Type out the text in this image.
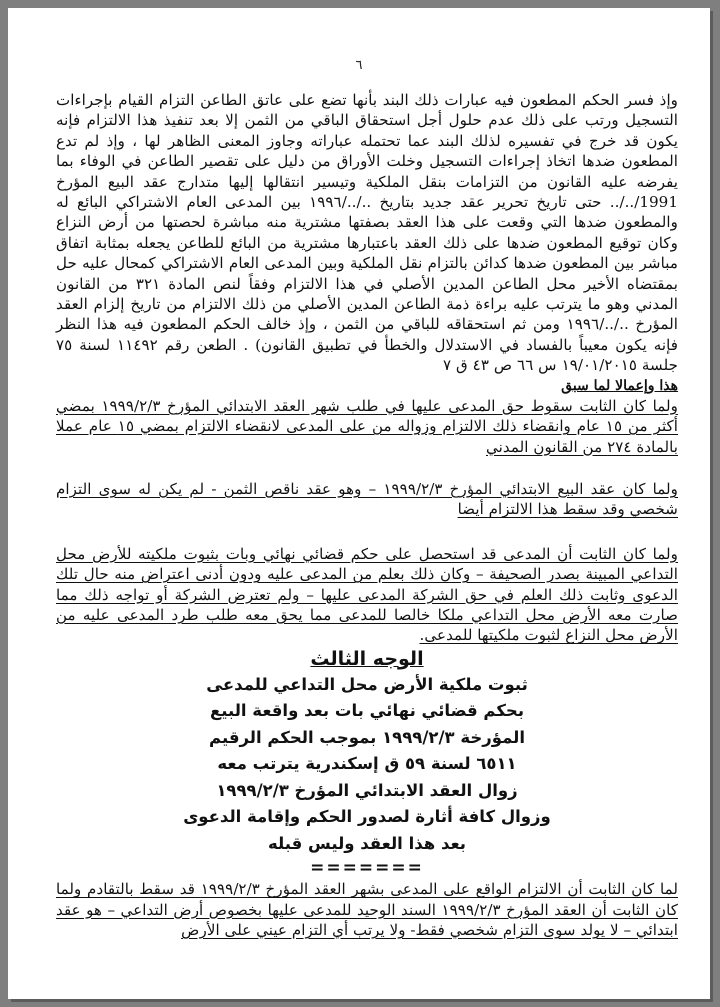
٦

وإذ فسر الحكم المطعون فيه عبارات ذلك البند بأنها تضع على عاتق الطاعن التزام القيام بإجراءات التسجيل ورتب على ذلك عدم حلول أجل استحقاق الباقي من الثمن إلا بعد تنفيذ هذا الالتزام فإنه يكون قد خرج في تفسيره لذلك البند عما تحتمله عباراته وجاوز المعنى الظاهر لها ، وإذ لم تدع المطعون ضدها اتخاذ إجراءات التسجيل وخلت الأوراق من دليل على تقصير الطاعن في الوفاء بما يفرضه عليه القانون من التزامات بنقل الملكية وتيسير انتقالها إليها متدارج عقد البيع المؤرخ 1991/../.. حتى تاريخ تحرير عقد جديد بتاريخ ../../١٩٩٦ بين المدعى العام الاشتراكي البائع له والمطعون ضدها التي وقعت على هذا العقد بصفتها مشترية منه مباشرة لحصتها من أرض النزاع وكان توقيع المطعون ضدها على ذلك العقد باعتبارها مشترية من البائع للطاعن يجعله بمثابة اتفاق مباشر بين المطعون ضدها كدائن بالتزام نقل الملكية وبين المدعى العام الاشتراكي كمحال عليه حل بمقتضاه الأخير محل الطاعن المدين الأصلي في هذا الالتزام وفقاً لنص المادة ٣٢١ من القانون المدني وهو ما يترتب عليه براءة ذمة الطاعن المدين الأصلي من ذلك الالتزام من تاريخ إلزام العقد المؤرخ ../../١٩٩٦ ومن ثم استحقاقه للباقي من الثمن ، وإذ خالف الحكم المطعون فيه هذا النظر فإنه يكون معيباً بالفساد في الاستدلال والخطأ في تطبيق القانون) . الطعن رقم ١١٤٩٢ لسنة ٧٥ جلسة ١٩/٠١/٢٠١٥ س ٦٦ ص ٤٣ ق ٧

هذا وإعمالا لما سبق

ولما كان الثابت سقوط حق المدعى عليها في طلب شهر العقد الابتدائي المؤرخ ١٩٩٩/٢/٣ بمضي أكثر من ١٥ عام وانقضاء ذلك الالتزام وزواله من على المدعى لانقضاء الالتزام بمضي ١٥ عام عملا بالمادة ٢٧٤ من القانون المدني

ولما كان عقد البيع الابتدائي المؤرخ ١٩٩٩/٢/٣ – وهو عقد ناقص الثمن - لم يكن له سوى التزام شخصي وقد سقط هذا الالتزام أيضا

ولما كان الثابت أن المدعى قد استحصل على حكم قضائي نهائي وبات بثبوت ملكيته للأرض محل التداعي المبينة بصدر الصحيفة – وكان ذلك بعلم من المدعى عليه ودون أدنى اعتراض منه حال تلك الدعوى وثابت ذلك العلم في حق الشركة المدعى عليها – ولم تعترض الشركة أو تواجه ذلك مما صارت معه الأرض محل التداعي ملكا خالصا للمدعى مما يحق معه طلب طرد المدعى عليه من الأرض محل النزاع لثبوت ملكيتها للمدعى.

الوجه الثالث

ثبوت ملكية الأرض محل التداعي للمدعى

بحكم قضائي نهائي بات بعد واقعة البيع

المؤرخة ١٩٩٩/٢/٣ بموجب الحكم الرقيم

٦٥١١ لسنة ٥٩ ق إسكندرية يترتب معه

زوال العقد الابتدائي المؤرخ ١٩٩٩/٢/٣

وزوال كافة أثارة لصدور الحكم وإقامة الدعوى

بعد هذا العقد وليس قبله

=======

لما كان الثابت أن الالتزام الواقع على المدعى بشهر العقد المؤرخ ١٩٩٩/٢/٣ قد سقط بالتقادم ولما كان الثابت أن العقد المؤرخ ١٩٩٩/٢/٣ السند الوحيد للمدعى عليها بخصوص أرض التداعي – هو عقد ابتدائي – لا يولد سوى التزام شخصي فقط- ولا يرتب أي التزام عيني على الأرض
